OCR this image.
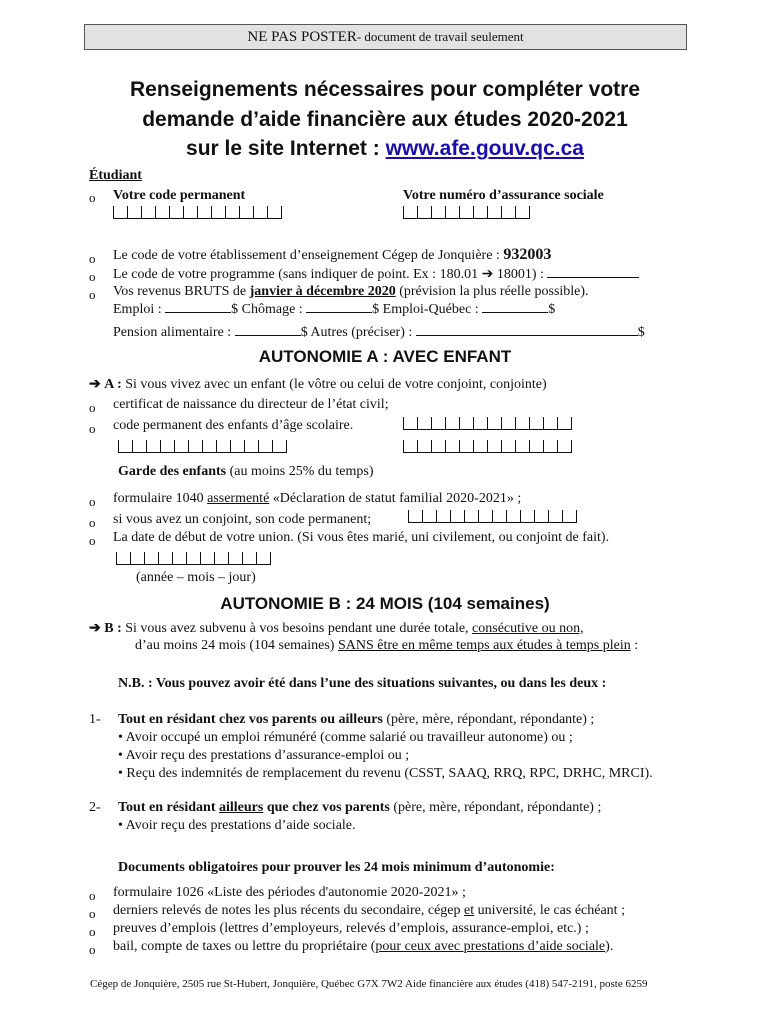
NE PAS POSTER- document de travail seulement
Renseignements nécessaires pour compléter votre
demande d’aide financière aux études 2020-2021
sur le site Internet : www.afe.gouv.qc.ca
Étudiant
o Votre code permanent	Votre numéro d’assurance sociale
o Le code de votre établissement d’enseignement Cégep de Jonquière : 932003
o Le code de votre programme (sans indiquer de point. Ex : 180.01 ➔ 18001) :
o Vos revenus BRUTS de janvier à décembre 2020 (prévision la plus réelle possible).
Emploi :	$ Chômage :	$ Emploi-Québec :	$
Pension alimentaire :	$ Autres (préciser) :	$
AUTONOMIE A : AVEC ENFANT
➔ A : Si vous vivez avec un enfant (le vôtre ou celui de votre conjoint, conjointe)
o certificat de naissance du directeur de l’état civil;
o code permanent des enfants d’âge scolaire.
Garde des enfants (au moins 25% du temps)
o formulaire 1040 assermenté «Déclaration de statut familial 2020-2021» ;
o si vous avez un conjoint, son code permanent;
o La date de début de votre union. (Si vous êtes marié, uni civilement, ou conjoint de fait).
(année – mois – jour)
AUTONOMIE B : 24 MOIS (104 semaines)
➔ B : Si vous avez subvenu à vos besoins pendant une durée totale, consécutive ou non,
d’au moins 24 mois (104 semaines) SANS être en même temps aux études à temps plein :
N.B. : Vous pouvez avoir été dans l’une des situations suivantes, ou dans les deux :
1- Tout en résidant chez vos parents ou ailleurs (père, mère, répondant, répondante) ;
• Avoir occupé un emploi rémunéré (comme salarié ou travailleur autonome) ou ;
• Avoir reçu des prestations d’assurance-emploi ou ;
• Reçu des indemnités de remplacement du revenu (CSST, SAAQ, RRQ, RPC, DRHC, MRCI).
2- Tout en résidant ailleurs que chez vos parents (père, mère, répondant, répondante) ;
• Avoir reçu des prestations d’aide sociale.
Documents obligatoires pour prouver les 24 mois minimum d’autonomie:
o formulaire 1026 «Liste des périodes d'autonomie 2020-2021» ;
o derniers relevés de notes les plus récents du secondaire, cégep et université, le cas échéant ;
o preuves d’emplois (lettres d’employeurs, relevés d’emplois, assurance-emploi, etc.) ;
o bail, compte de taxes ou lettre du propriétaire (pour ceux avec prestations d’aide sociale).
Cégep de Jonquière, 2505 rue St-Hubert, Jonquière, Québec G7X 7W2 Aide financière aux études (418) 547-2191, poste 6259
